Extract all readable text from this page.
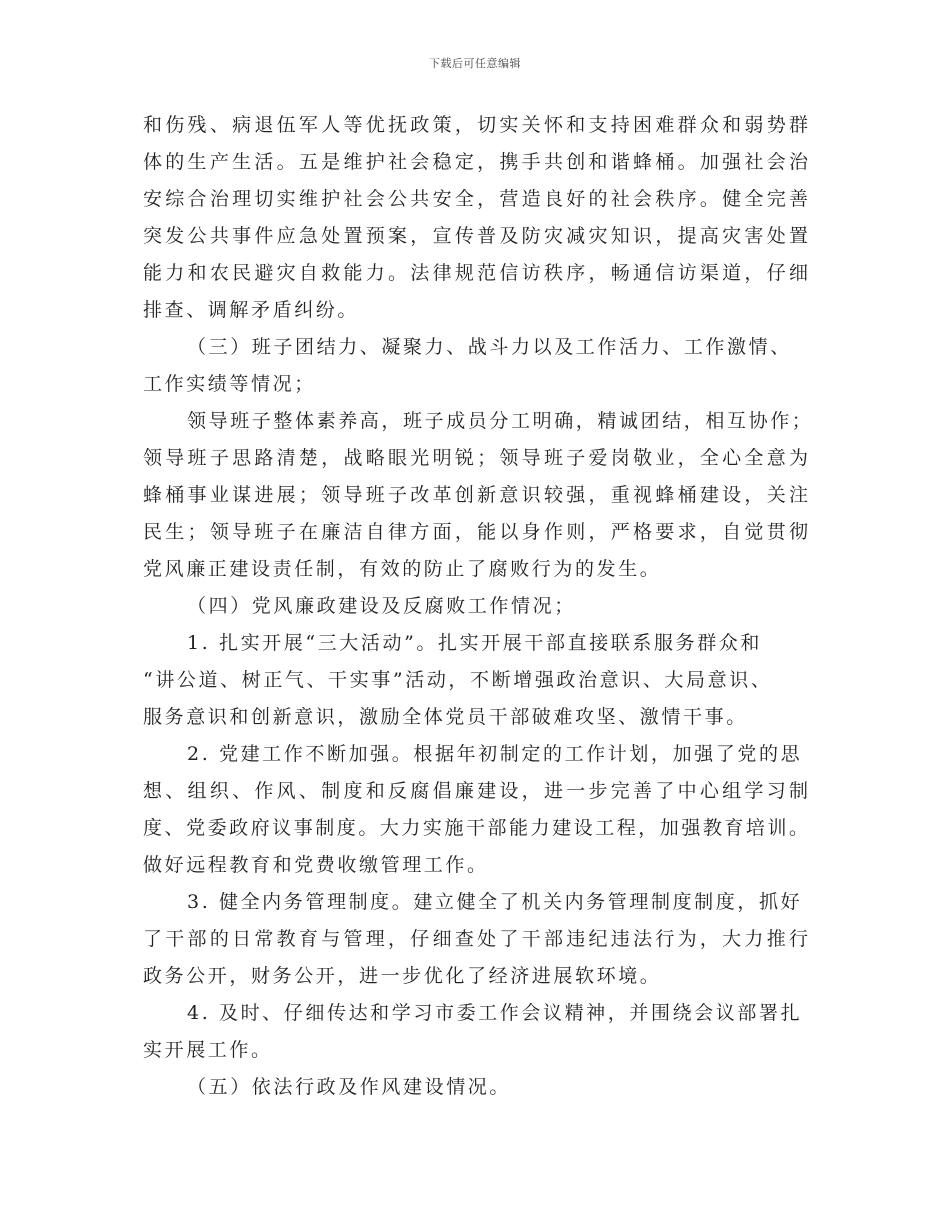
下载后可任意编辑
和伤残、病退伍军人等优抚政策，切实关怀和支持困难群众和弱势群
体的生产生活。五是维护社会稳定，携手共创和谐蜂桶。加强社会治
安综合治理切实维护社会公共安全，营造良好的社会秩序。健全完善
突发公共事件应急处置预案，宣传普及防灾减灾知识，提高灾害处置
能力和农民避灾自救能力。法律规范信访秩序，畅通信访渠道，仔细
排查、调解矛盾纠纷。
（三）班子团结力、凝聚力、战斗力以及工作活力、工作激情、
工作实绩等情况；
领导班子整体素养高，班子成员分工明确，精诚团结，相互协作；
领导班子思路清楚，战略眼光明锐；领导班子爱岗敬业，全心全意为
蜂桶事业谋进展；领导班子改革创新意识较强，重视蜂桶建设，关注
民生；领导班子在廉洁自律方面，能以身作则，严格要求，自觉贯彻
党风廉正建设责任制，有效的防止了腐败行为的发生。
（四）党风廉政建设及反腐败工作情况；
1. 扎实开展“三大活动”。扎实开展干部直接联系服务群众和
“讲公道、树正气、干实事”活动，不断增强政治意识、大局意识、
服务意识和创新意识，激励全体党员干部破难攻坚、激情干事。
2. 党建工作不断加强。根据年初制定的工作计划，加强了党的思
想、组织、作风、制度和反腐倡廉建设，进一步完善了中心组学习制
度、党委政府议事制度。大力实施干部能力建设工程，加强教育培训。
做好远程教育和党费收缴管理工作。
3. 健全内务管理制度。建立健全了机关内务管理制度制度，抓好
了干部的日常教育与管理，仔细查处了干部违纪违法行为，大力推行
政务公开，财务公开，进一步优化了经济进展软环境。
4. 及时、仔细传达和学习市委工作会议精神，并围绕会议部署扎
实开展工作。
（五）依法行政及作风建设情况。
